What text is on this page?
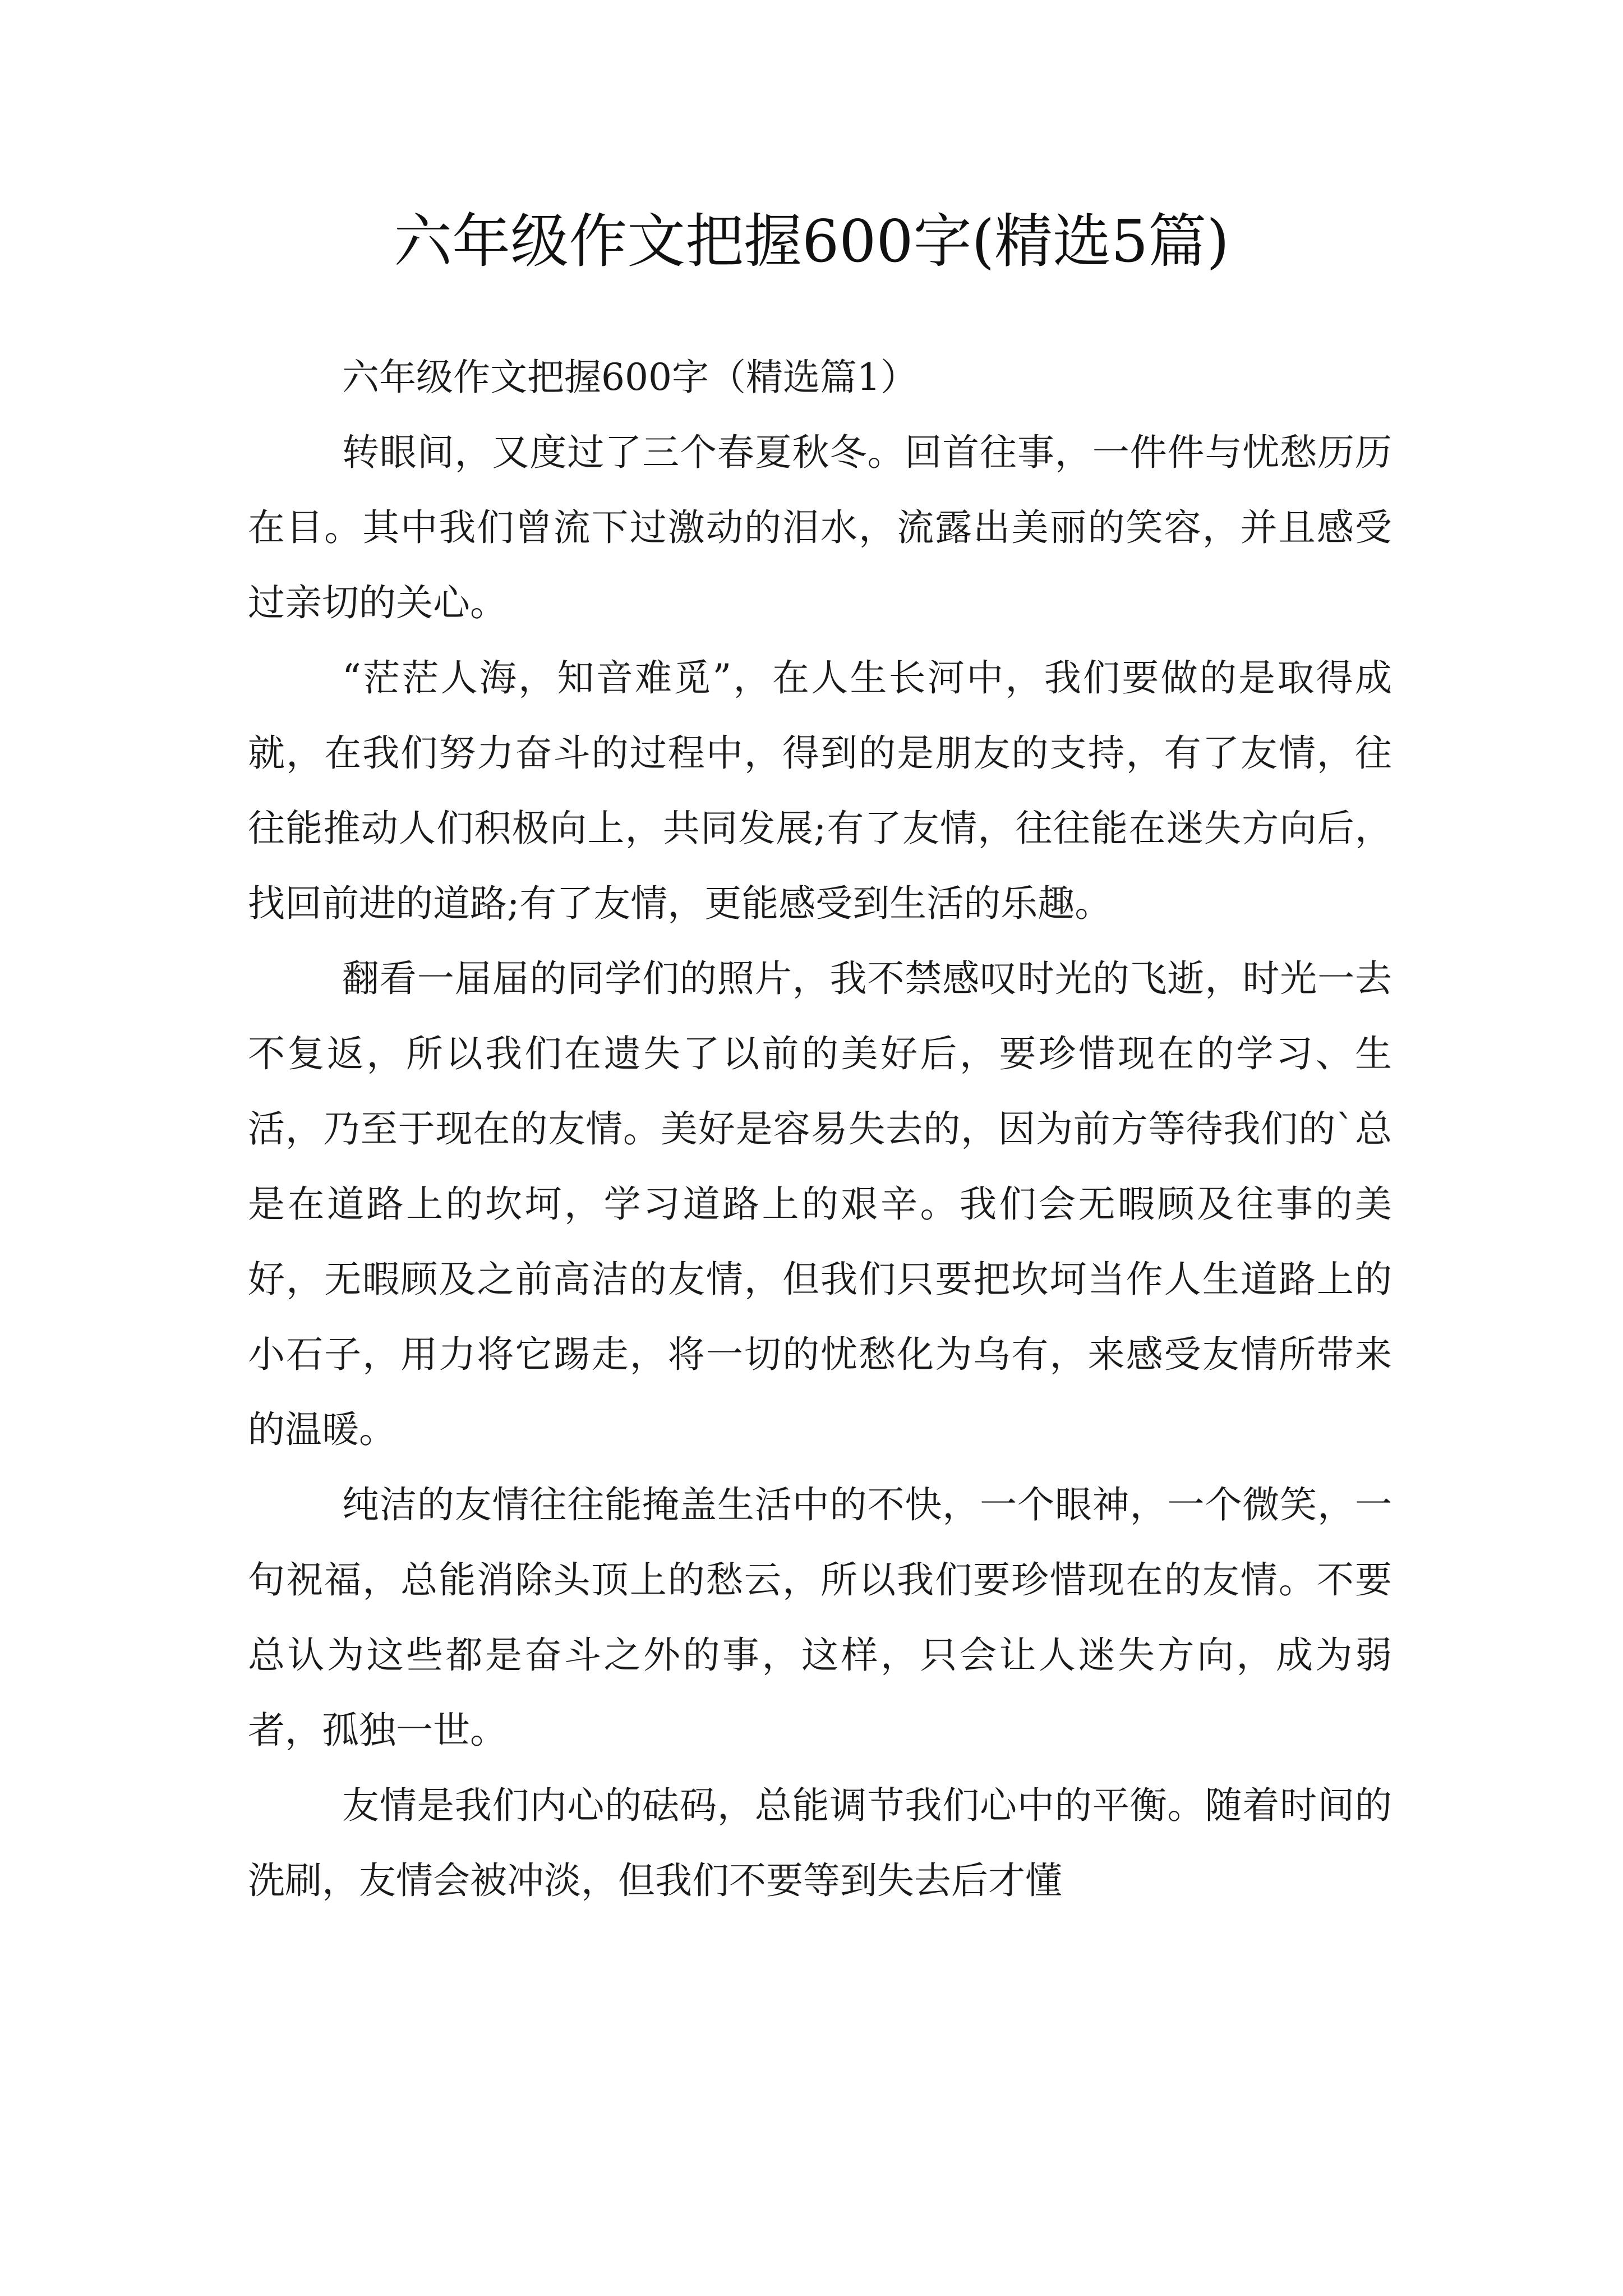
六年级作文把握600字(精选5篇)

六年级作文把握600字（精选篇1）

转眼间，又度过了三个春夏秋冬。回首往事，一件件与忧愁历历在目。其中我们曾流下过激动的泪水，流露出美丽的笑容，并且感受过亲切的关心。

“茫茫人海，知音难觅”，在人生长河中，我们要做的是取得成就，在我们努力奋斗的过程中，得到的是朋友的支持，有了友情，往往能推动人们积极向上，共同发展;有了友情，往往能在迷失方向后，找回前进的道路;有了友情，更能感受到生活的乐趣。

翻看一届届的同学们的照片，我不禁感叹时光的飞逝，时光一去不复返，所以我们在遗失了以前的美好后，要珍惜现在的学习、生活，乃至于现在的友情。美好是容易失去的，因为前方等待我们的`总是在道路上的坎坷，学习道路上的艰辛。我们会无暇顾及往事的美好，无暇顾及之前高洁的友情，但我们只要把坎坷当作人生道路上的小石子，用力将它踢走，将一切的忧愁化为乌有，来感受友情所带来的温暖。

纯洁的友情往往能掩盖生活中的不快，一个眼神，一个微笑，一句祝福，总能消除头顶上的愁云，所以我们要珍惜现在的友情。不要总认为这些都是奋斗之外的事，这样，只会让人迷失方向，成为弱者，孤独一世。

友情是我们内心的砝码，总能调节我们心中的平衡。随着时间的洗刷，友情会被冲淡，但我们不要等到失去后才懂
